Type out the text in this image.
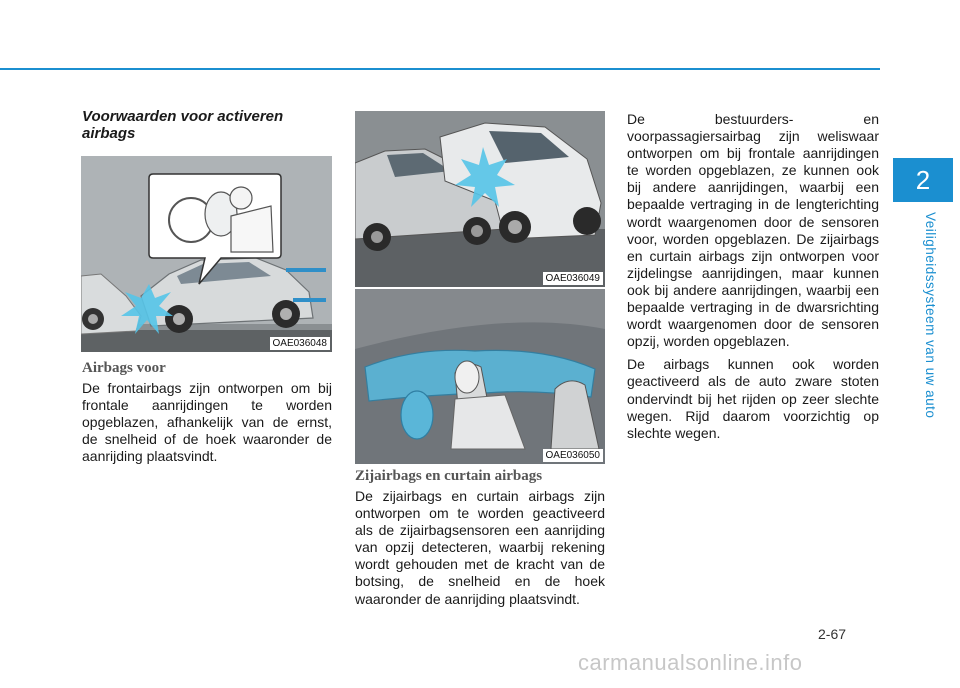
2
Veiligheidssysteem van uw auto
Voorwaarden voor activeren airbags
OAE036048
Airbags voor

De frontairbags zijn ontworpen om bij frontale aanrijdingen te worden opgeblazen, afhankelijk van de ernst, de snelheid of de hoek waaronder de aanrijding plaatsvindt.

OAE036049
OAE036050
Zijairbags en curtain airbags

De zijairbags en curtain airbags zijn ontworpen om te worden geactiveerd als de zijairbagsensoren een aanrijding van opzij detecteren, waarbij rekening wordt gehouden met de kracht van de botsing, de snelheid en de hoek waaronder de aanrijding plaatsvindt.

De bestuurders- en voorpassagiersairbag zijn weliswaar ontworpen om bij frontale aanrijdingen te worden opgeblazen, ze kunnen ook bij andere aanrijdingen, waarbij een bepaalde vertraging in de lengterichting wordt waargenomen door de sensoren voor, worden opgeblazen. De zijairbags en curtain airbags zijn ontworpen voor zijdelingse aanrijdingen, maar kunnen ook bij andere aanrijdingen, waarbij een bepaalde vertraging in de dwarsrichting wordt waargenomen door de sensoren opzij, worden opgeblazen.

De airbags kunnen ook worden geactiveerd als de auto zware stoten ondervindt bij het rijden op zeer slechte wegen. Rijd daarom voorzichtig op slechte wegen.

2-67
carmanualsonline.info
